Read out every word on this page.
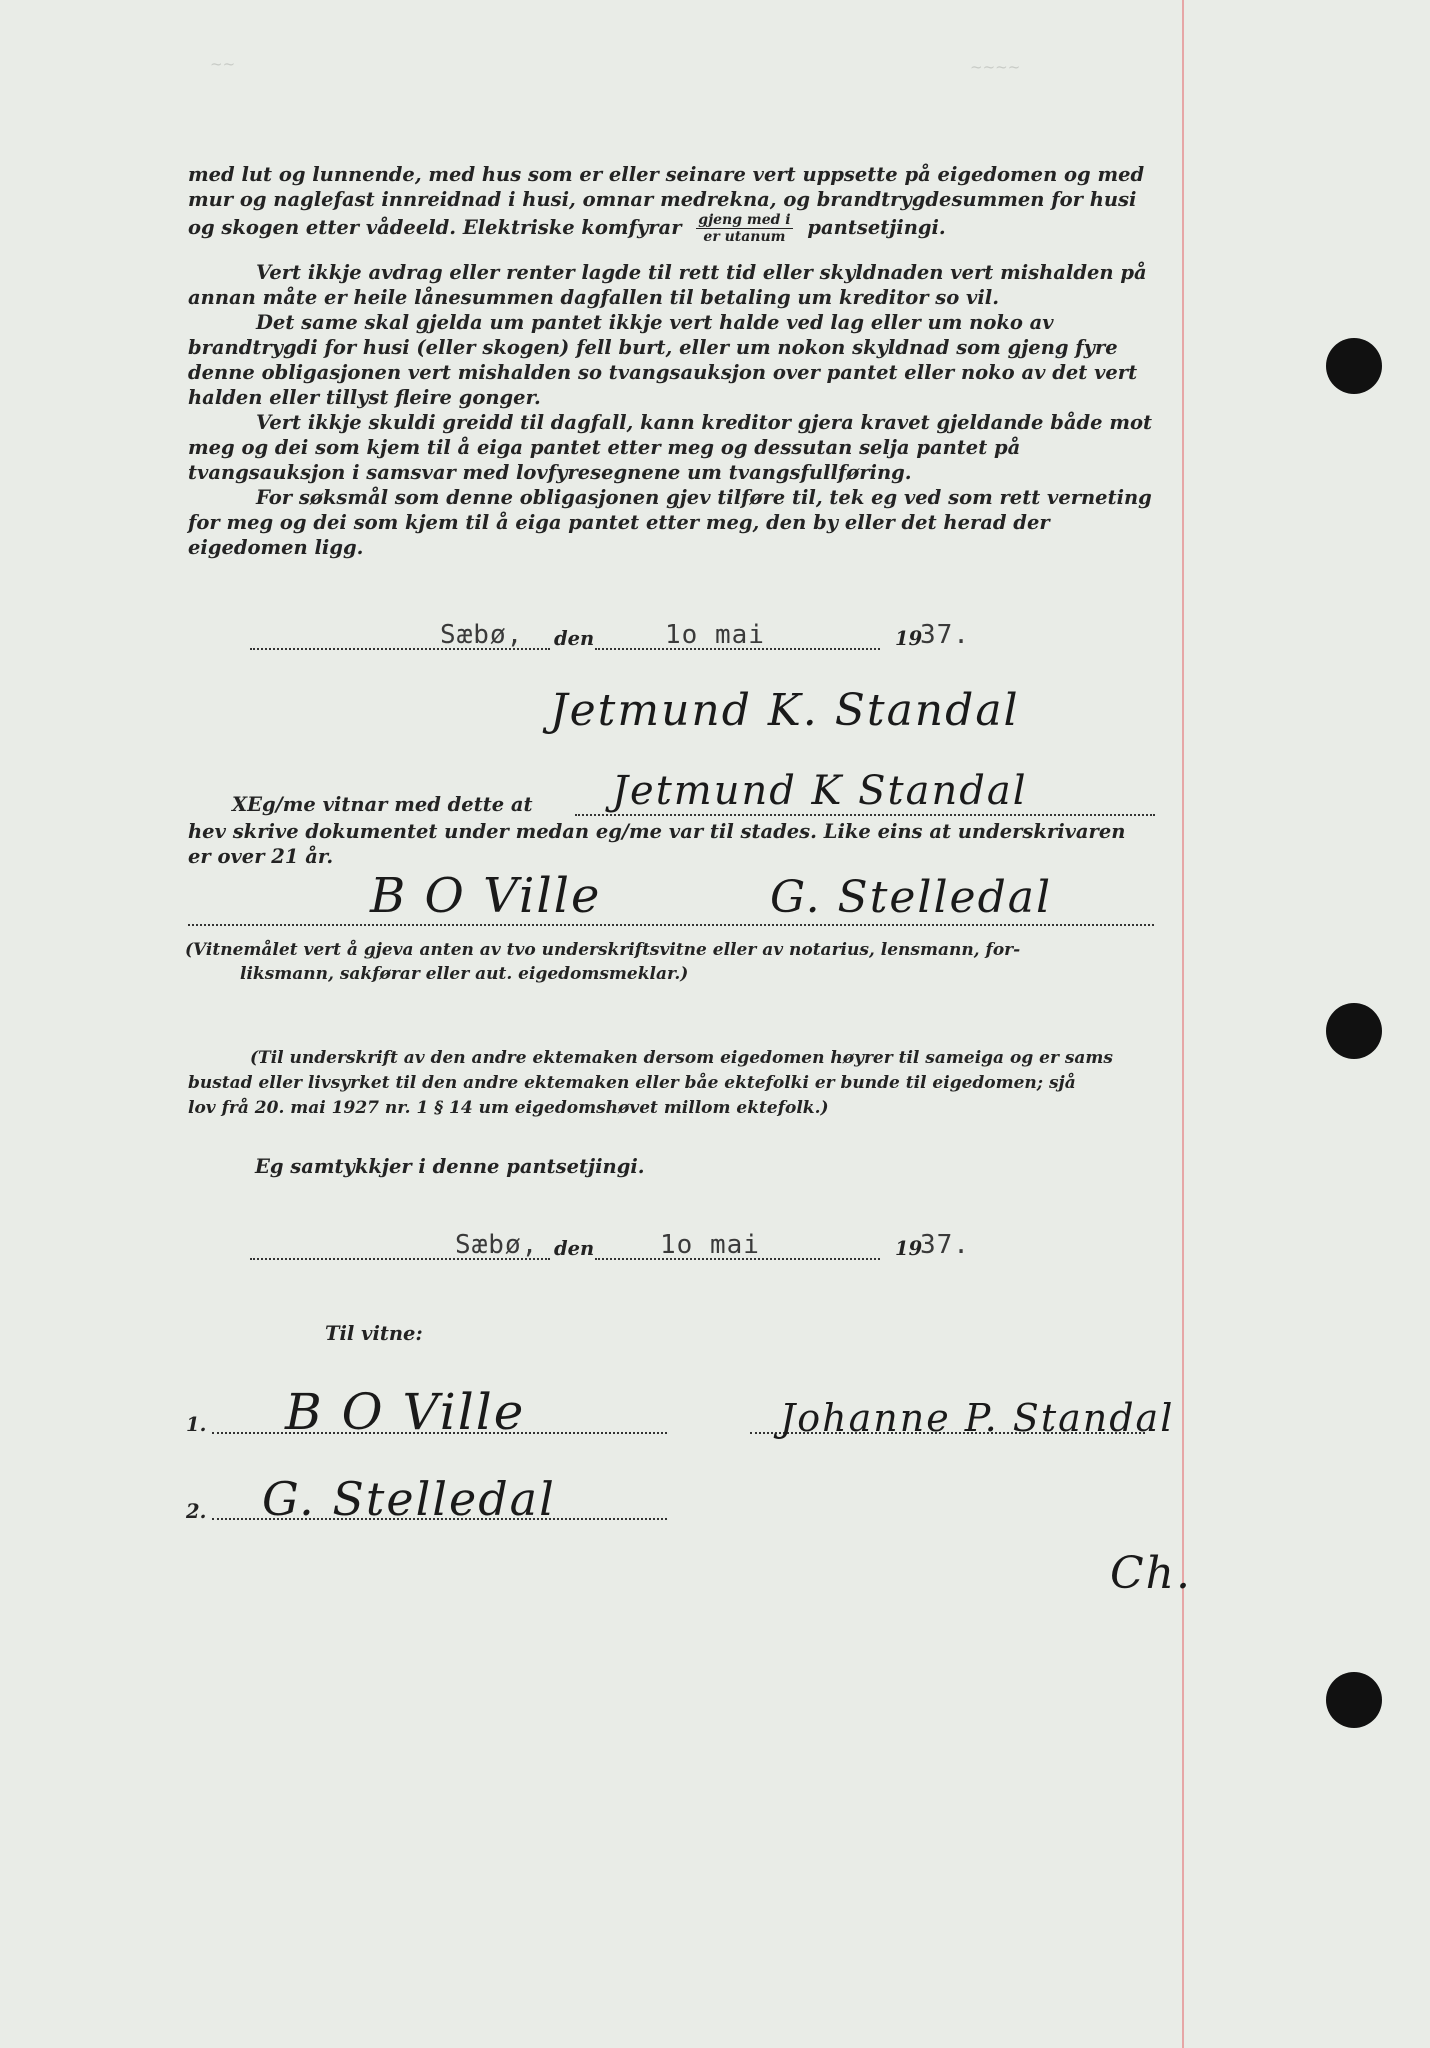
~~~~
~~

med lut og lunnende, med hus som er eller seinare vert uppsette på eigedomen og med
mur og naglefast innreidnad i husi, omnar medrekna, og brandtrygdesummen for husi
og skogen etter vådeeld. Elektriske komfyrar $\frac{\text{gjeng med i}}{\text{er utanum}}$ pantsetjingi.

Vert ikkje avdrag eller renter lagde til rett tid eller skyldnaden vert mishalden på annan måte er heile lånesummen dagfallen til betaling um kreditor so vil.

Det same skal gjelda um pantet ikkje vert halde ved lag eller um noko av brandtrygdi for husi (eller skogen) fell burt, eller um nokon skyldnad som gjeng fyre denne obligasjonen vert mishalden so tvangsauksjon over pantet eller noko av det vert halden eller tillyst fleire gonger.

Vert ikkje skuldi greidd til dagfall, kann kreditor gjera kravet gjeldande både mot meg og dei som kjem til å eiga pantet etter meg og dessutan selja pantet på tvangsauksjon i samsvar med lovfyresegnene um tvangsfullføring.

For søksmål som denne obligasjonen gjev tilføre til, tek eg ved som rett verneting for meg og dei som kjem til å eiga pantet etter meg, den by eller det herad der eigedomen ligg.

Sæbø, den	1o mai	19
37.
Jetmund K. Standal
XEg/me vitnar med dette at Jetmund K Standal
hev skrive dokumentet under medan eg/me var til stades. Like eins at underskrivaren
er over 21 år.
B O Ville	G. Stelledal
(Vitnemålet vert å gjeva anten av tvo underskriftsvitne eller av notarius, lensmann, for-
liksmann, sakførar eller aut. eigedomsmeklar.)
(Til underskrift av den andre ektemaken dersom eigedomen høyrer til sameiga og er sams
bustad eller livsyrket til den andre ektemaken eller båe ektefolki er bunde til eigedomen; sjå
lov frå 20. mai 1927 nr. 1 § 14 um eigedomshøvet millom ektefolk.)
Eg samtykkjer i denne pantsetjingi.
Sæbø, den	1o mai	19
37.
Til vitne:
1. B O Ville	Johanne P. Standal
2. G. Stelledal
Ch.
